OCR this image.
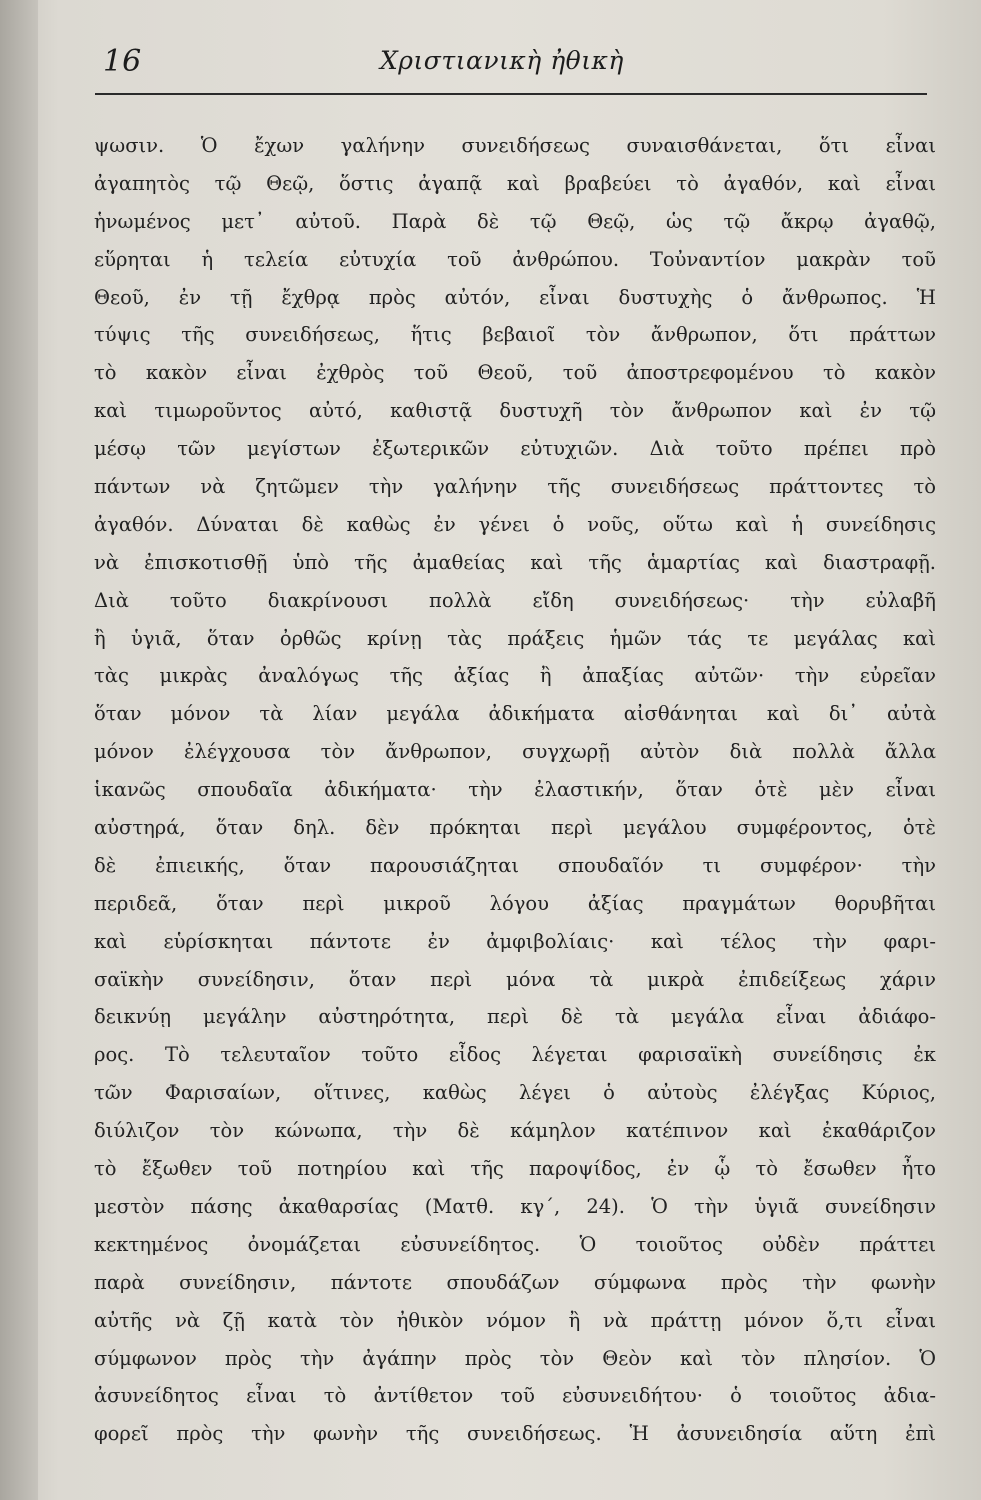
16	Χριστιανικὴ ἠθικὴ
ψωσιν. Ὁ ἔχων γαλήνην συνειδήσεως συναισθάνεται, ὅτι εἶναι
ἀγαπητὸς τῷ Θεῷ, ὅστις ἀγαπᾷ καὶ βραβεύει τὸ ἀγαθόν, καὶ εἶναι
ἡνωμένος μετ᾽ αὐτοῦ. Παρὰ δὲ τῷ Θεῷ, ὡς τῷ ἄκρῳ ἀγαθῷ,
εὕρηται ἡ τελεία εὐτυχία τοῦ ἀνθρώπου. Τοὐναντίον μακρὰν τοῦ
Θεοῦ, ἐν τῇ ἔχθρᾳ πρὸς αὐτόν, εἶναι δυστυχὴς ὁ ἄνθρωπος. Ἡ
τύψις τῆς συνειδήσεως, ἥτις βεβαιοῖ τὸν ἄνθρωπον, ὅτι πράττων
τὸ κακὸν εἶναι ἐχθρὸς τοῦ Θεοῦ, τοῦ ἀποστρεφομένου τὸ κακὸν
καὶ τιμωροῦντος αὐτό, καθιστᾷ δυστυχῆ τὸν ἄνθρωπον καὶ ἐν τῷ
μέσῳ τῶν μεγίστων ἐξωτερικῶν εὐτυχιῶν. Διὰ τοῦτο πρέπει πρὸ
πάντων νὰ ζητῶμεν τὴν γαλήνην τῆς συνειδήσεως πράττοντες τὸ
ἀγαθόν. Δύναται δὲ καθὼς ἐν γένει ὁ νοῦς, οὕτω καὶ ἡ συνείδησις
νὰ ἐπισκοτισθῇ ὑπὸ τῆς ἀμαθείας καὶ τῆς ἁμαρτίας καὶ διαστραφῇ.
Διὰ τοῦτο διακρίνουσι πολλὰ εἴδη συνειδήσεως· τὴν εὐλαβῆ
ἢ ὑγιᾶ, ὅταν ὀρθῶς κρίνῃ τὰς πράξεις ἡμῶν τάς τε μεγάλας καὶ
τὰς μικρὰς ἀναλόγως τῆς ἀξίας ἢ ἀπαξίας αὐτῶν· τὴν εὐρεῖαν
ὅταν μόνον τὰ λίαν μεγάλα ἀδικήματα αἰσθάνηται καὶ δι᾽ αὐτὰ
μόνον ἐλέγχουσα τὸν ἄνθρωπον, συγχωρῇ αὐτὸν διὰ πολλὰ ἄλλα
ἱκανῶς σπουδαῖα ἀδικήματα· τὴν ἐλαστικήν, ὅταν ὁτὲ μὲν εἶναι
αὐστηρά, ὅταν δηλ. δὲν πρόκηται περὶ μεγάλου συμφέροντος, ὁτὲ
δὲ ἐπιεικής, ὅταν παρουσιάζηται σπουδαῖόν τι συμφέρον· τὴν
περιδεᾶ, ὅταν περὶ μικροῦ λόγου ἀξίας πραγμάτων θορυβῆται
καὶ εὑρίσκηται πάντοτε ἐν ἀμφιβολίαις· καὶ τέλος τὴν φαρι-
σαϊκὴν συνείδησιν, ὅταν περὶ μόνα τὰ μικρὰ ἐπιδείξεως χάριν
δεικνύῃ μεγάλην αὐστηρότητα, περὶ δὲ τὰ μεγάλα εἶναι ἀδιάφο-
ρος. Τὸ τελευταῖον τοῦτο εἶδος λέγεται φαρισαϊκὴ συνείδησις ἐκ
τῶν Φαρισαίων, οἵτινες, καθὼς λέγει ὁ αὐτοὺς ἐλέγξας Κύριος,
διύλιζον τὸν κώνωπα, τὴν δὲ κάμηλον κατέπινον καὶ ἐκαθάριζον
τὸ ἔξωθεν τοῦ ποτηρίου καὶ τῆς παροψίδος, ἐν ᾧ τὸ ἔσωθεν ἦτο
μεστὸν πάσης ἀκαθαρσίας (Ματθ. κγ΄, 24). Ὁ τὴν ὑγιᾶ συνείδησιν
κεκτημένος ὀνομάζεται εὐσυνείδητος. Ὁ τοιοῦτος οὐδὲν πράττει
παρὰ συνείδησιν, πάντοτε σπουδάζων σύμφωνα πρὸς τὴν φωνὴν
αὐτῆς νὰ ζῇ κατὰ τὸν ἠθικὸν νόμον ἢ νὰ πράττῃ μόνον ὅ,τι εἶναι
σύμφωνον πρὸς τὴν ἀγάπην πρὸς τὸν Θεὸν καὶ τὸν πλησίον. Ὁ
ἀσυνείδητος εἶναι τὸ ἀντίθετον τοῦ εὐσυνειδήτου· ὁ τοιοῦτος ἀδια-
φορεῖ πρὸς τὴν φωνὴν τῆς συνειδήσεως. Ἡ ἀσυνειδησία αὕτη ἐπὶ
